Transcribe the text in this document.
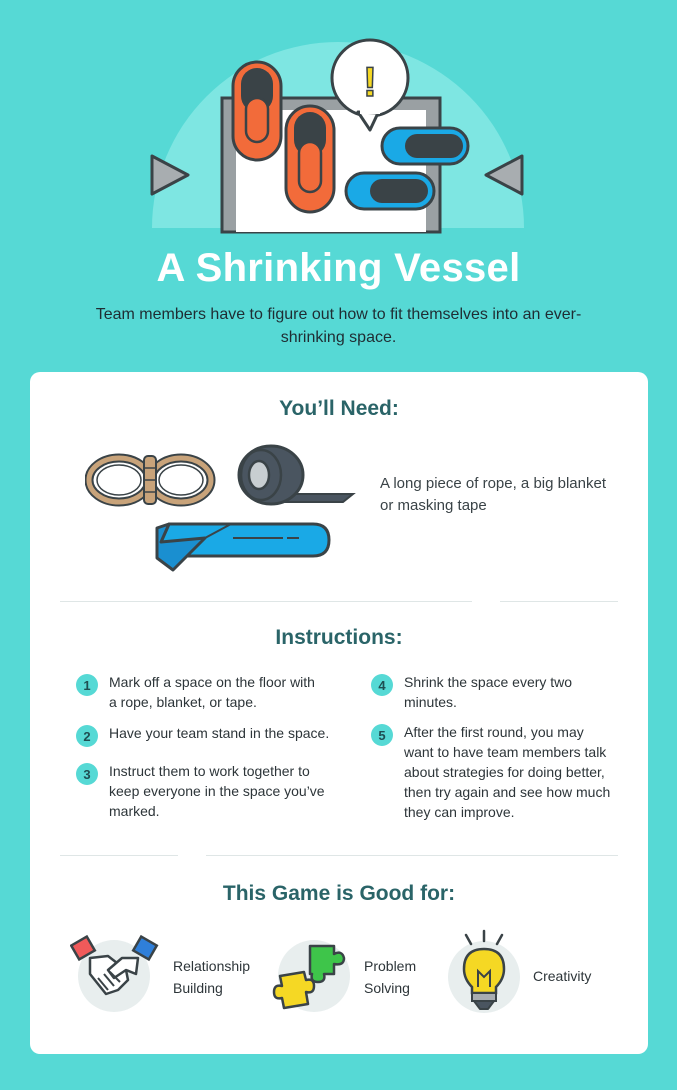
!
A Shrinking Vessel
Team members have to figure out how to fit themselves into an ever-shrinking space.
You’ll Need:
A long piece of rope, a big blanket or masking tape
Instructions:
1	Mark off a space on the floor with a rope, blanket, or tape.
2	Have your team stand in the space.
3	Instruct them to work together to keep everyone in the space you’ve marked.
4	Shrink the space every two minutes.
5	After the first round, you may want to have team members talk about strategies for doing better, then try again and see how much they can improve.
This Game is Good for:
Relationship
Building
Problem
Solving
Creativity
